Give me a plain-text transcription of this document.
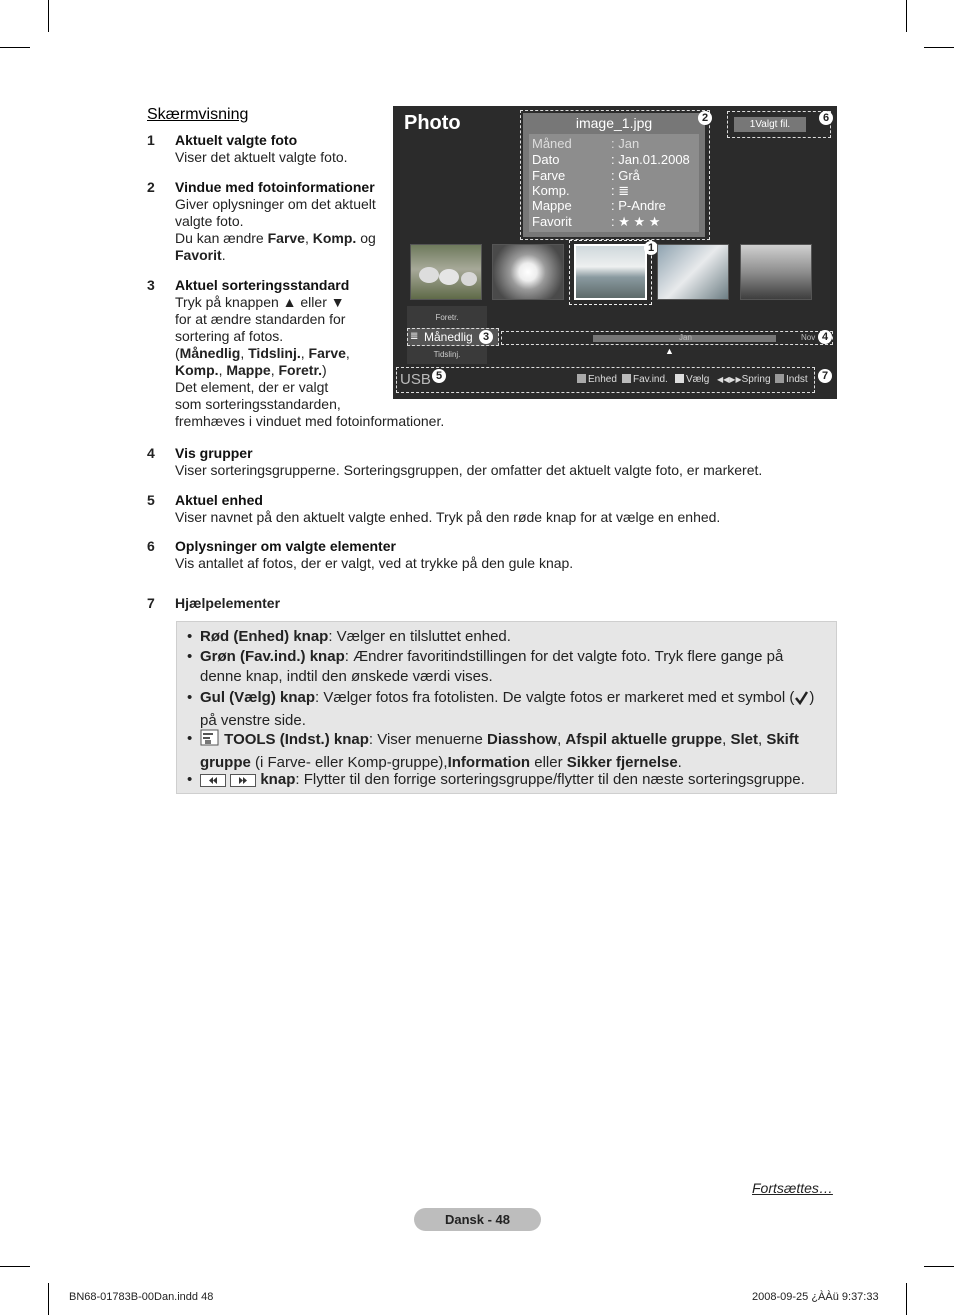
Skærmvisning
1 Aktuelt valgte foto
Viser det aktuelt valgte foto.
2 Vindue med fotoinformationer
Giver oplysninger om det aktuelt
valgte foto.
Du kan ændre Farve, Komp. og
Favorit.
3 Aktuel sorteringsstandard
Tryk på knappen ▲ eller ▼
for at ændre standarden for
sortering af fotos.
(Månedlig, Tidslinj., Farve,
Komp., Mappe, Foretr.)
Det element, der er valgt
som sorteringsstandarden,
fremhæves i vinduet med fotoinformationer.
4 Vis grupper
Viser sorteringsgrupperne. Sorteringsgruppen, der omfatter det aktuelt valgte foto, er markeret.
5 Aktuel enhed
Viser navnet på den aktuelt valgte enhed. Tryk på den røde knap for at vælge en enhed.
6 Oplysninger om valgte elementer
Vis antallet af fotos, der er valgt, ved at trykke på den gule knap.
Photo	image_1.jpg
Måned	: Jan
Dato	: Jan.01.2008
Farve	: Grå
Komp.	: ≣
Mappe	: P-Andre
Favorit	: ★ ★ ★
2
1Valgt fil.
6
1
Foretr.
Tidslinj.
≣ Månedlig 3	Jan	Nov
▲
4
USB 5	Enhed	Fav.ind.	Vælg ◀◀▶▶Spring	Indst	7
7 Hjælpelementer
• Rød (Enhed) knap: Vælger en tilsluttet enhed.
• Grøn (Fav.ind.) knap: Ændrer favoritindstillingen for det valgte foto. Tryk flere gange på
denne knap, indtil den ønskede værdi vises.
• Gul (Vælg) knap: Vælger fotos fra fotolisten. De valgte fotos er markeret med et symbol ( )
på venstre side.
•	TOOLS (Indst.) knap: Viser menuerne Diasshow, Afspil aktuelle gruppe, Slet, Skift
gruppe (i Farve- eller Komp-gruppe),Information eller Sikker fjernelse.
•	knap: Flytter til den forrige sorteringsgruppe/flytter til den næste sorteringsgruppe.
Fortsættes…
Dansk - 48
BN68-01783B-00Dan.indd 48	2008-09-25 ¿ÀÀü 9:37:33
